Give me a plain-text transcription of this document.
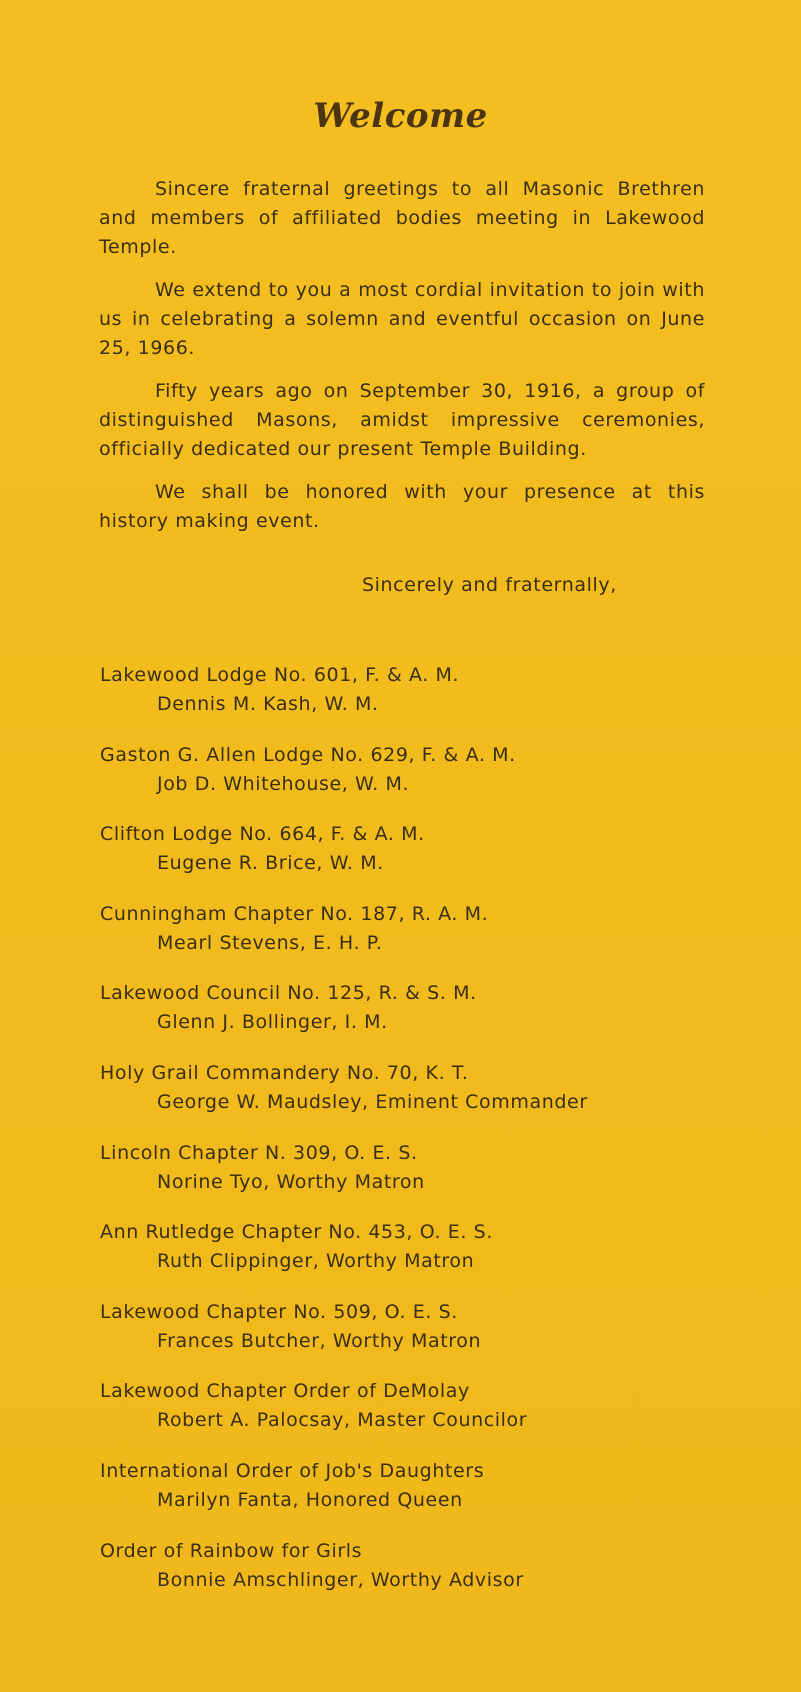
Welcome

Sincere fraternal greetings to all Masonic Brethren and members of affiliated bodies meeting in Lakewood Temple.

We extend to you a most cordial invitation to join with us in celebrating a solemn and eventful occasion on June 25, 1966.

Fifty years ago on September 30, 1916, a group of distinguished Masons, amidst impressive ceremonies, officially dedicated our present Temple Building.

We shall be honored with your presence at this history making event.

Sincerely and fraternally,
Lakewood Lodge No. 601, F. & A. M.
Dennis M. Kash, W. M.
Gaston G. Allen Lodge No. 629, F. & A. M.
Job D. Whitehouse, W. M.
Clifton Lodge No. 664, F. & A. M.
Eugene R. Brice, W. M.
Cunningham Chapter No. 187, R. A. M.
Mearl Stevens, E. H. P.
Lakewood Council No. 125, R. & S. M.
Glenn J. Bollinger, I. M.
Holy Grail Commandery No. 70, K. T.
George W. Maudsley, Eminent Commander
Lincoln Chapter N. 309, O. E. S.
Norine Tyo, Worthy Matron
Ann Rutledge Chapter No. 453, O. E. S.
Ruth Clippinger, Worthy Matron
Lakewood Chapter No. 509, O. E. S.
Frances Butcher, Worthy Matron
Lakewood Chapter Order of DeMolay
Robert A. Palocsay, Master Councilor
International Order of Job's Daughters
Marilyn Fanta, Honored Queen
Order of Rainbow for Girls
Bonnie Amschlinger, Worthy Advisor
